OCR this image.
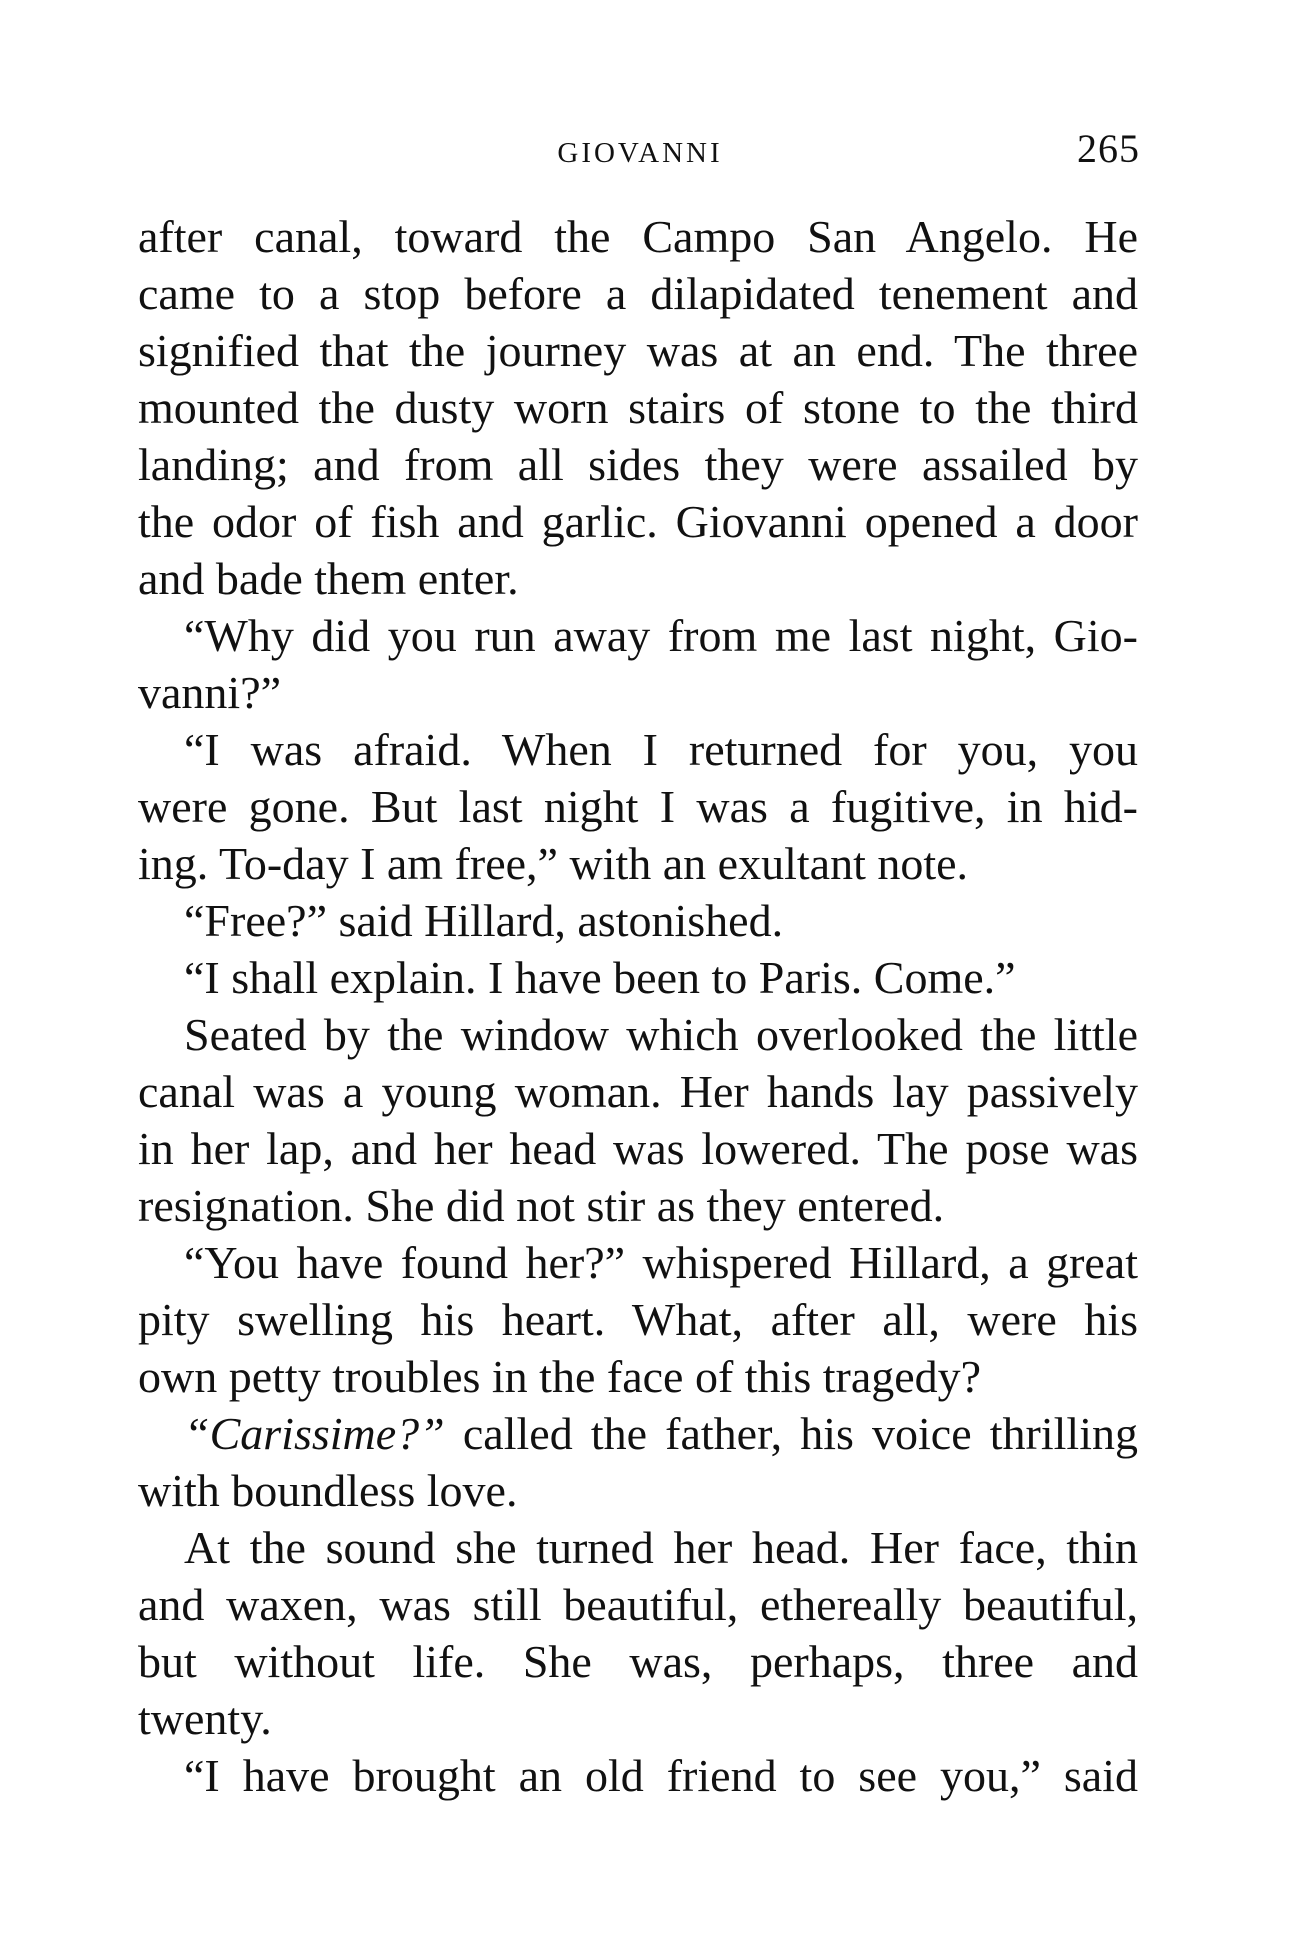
GIOVANNI	265
after canal, toward the Campo San Angelo. He
came to a stop before a dilapidated tenement and
signified that the journey was at an end. The three
mounted the dusty worn stairs of stone to the third
landing; and from all sides they were assailed by
the odor of fish and garlic. Giovanni opened a door
and bade them enter.
“Why did you run away from me last night, Gio-
vanni?”
“I was afraid. When I returned for you, you
were gone. But last night I was a fugitive, in hid-
ing. To-day I am free,” with an exultant note.
“Free?” said Hillard, astonished.
“I shall explain. I have been to Paris. Come.”
Seated by the window which overlooked the little
canal was a young woman. Her hands lay passively
in her lap, and her head was lowered. The pose was
resignation. She did not stir as they entered.
“You have found her?” whispered Hillard, a great
pity swelling his heart. What, after all, were his
own petty troubles in the face of this tragedy?
“Carissime?” called the father, his voice thrilling
with boundless love.
At the sound she turned her head. Her face, thin
and waxen, was still beautiful, ethereally beautiful,
but without life. She was, perhaps, three and
twenty.
“I have brought an old friend to see you,” said
